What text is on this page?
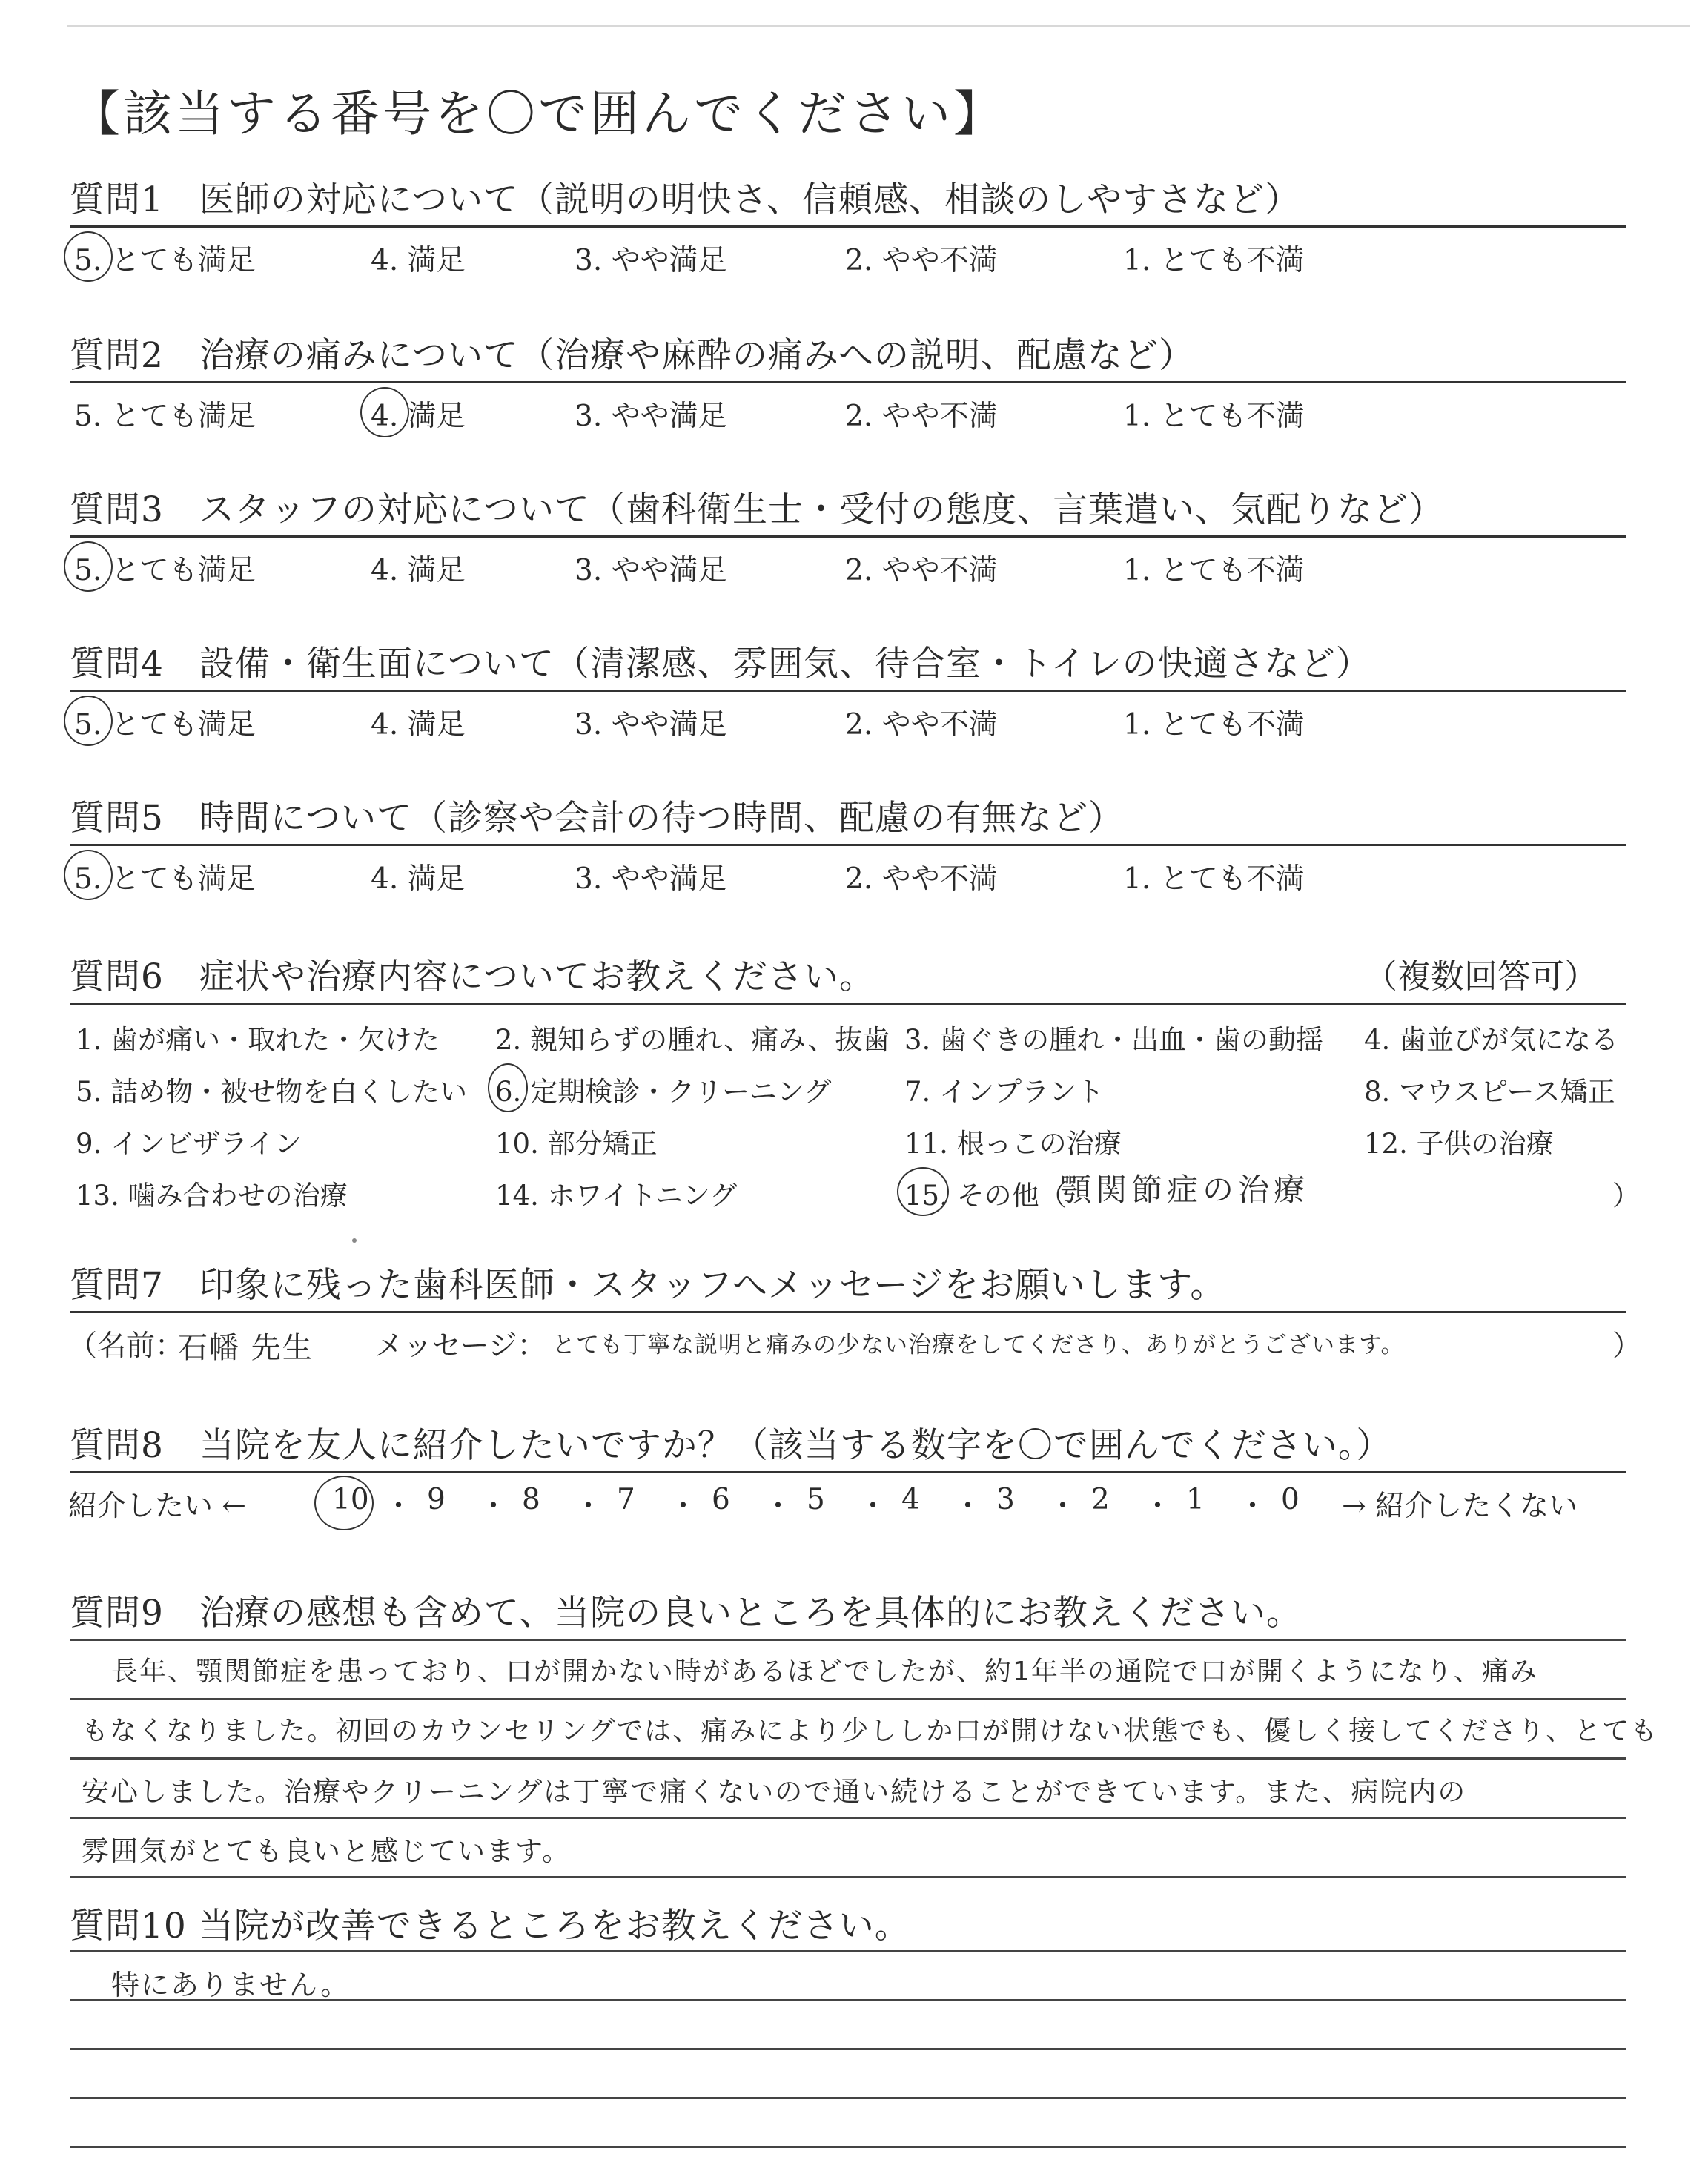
【該当する番号を〇で囲んでください】
質問1　医師の対応について（説明の明快さ、信頼感、相談のしやすさなど）
5. とても満足	4. 満足	3. やや満足	2. やや不満	1. とても不満
質問2　治療の痛みについて（治療や麻酔の痛みへの説明、配慮など）
5. とても満足	4. 満足	3. やや満足	2. やや不満	1. とても不満
質問3　スタッフの対応について（歯科衛生士・受付の態度、言葉遣い、気配りなど）
5. とても満足	4. 満足	3. やや満足	2. やや不満	1. とても不満
質問4　設備・衛生面について（清潔感、雰囲気、待合室・トイレの快適さなど）
5. とても満足	4. 満足	3. やや満足	2. やや不満	1. とても不満
質問5　時間について（診察や会計の待つ時間、配慮の有無など）
5. とても満足	4. 満足	3. やや満足	2. やや不満	1. とても不満
質問6　症状や治療内容についてお教えください。	（複数回答可）
1. 歯が痛い・取れた・欠けた 2. 親知らずの腫れ、痛み、抜歯 3. 歯ぐきの腫れ・出血・歯の動揺 4. 歯並びが気になる
5. 詰め物・被せ物を白くしたい 6. 定期検診・クリーニング	7. インプラント	8. マウスピース矯正
9. インビザライン	10. 部分矯正	11. 根っこの治療	12. 子供の治療
13. 噛み合わせの治療	14. ホワイトニング	15. その他（	）
顎関節症の治療
質問7　印象に残った歯科医師・スタッフへメッセージをお願いします。
（名前：
石幡 先生 メッセージ： とても丁寧な説明と痛みの少ない治療をしてくださり、ありがとうございます。	）
質問8　当院を友人に紹介したいですか？（該当する数字を〇で囲んでください。）
紹介したい ←	10 ・ 9 ・ 8 ・ 7 ・ 6 ・ 5 ・ 4 ・ 3 ・ 2 ・ 1 ・ 0 → 紹介したくない
質問9　治療の感想も含めて、当院の良いところを具体的にお教えください。
長年、顎関節症を患っており、口が開かない時があるほどでしたが、約1年半の通院で口が開くようになり、痛み
もなくなりました。初回のカウンセリングでは、痛みにより少ししか口が開けない状態でも、優しく接してくださり、とても
安心しました。治療やクリーニングは丁寧で痛くないので通い続けることができています。また、病院内の
雰囲気がとても良いと感じています。
質問10 当院が改善できるところをお教えください。
特にありません。
